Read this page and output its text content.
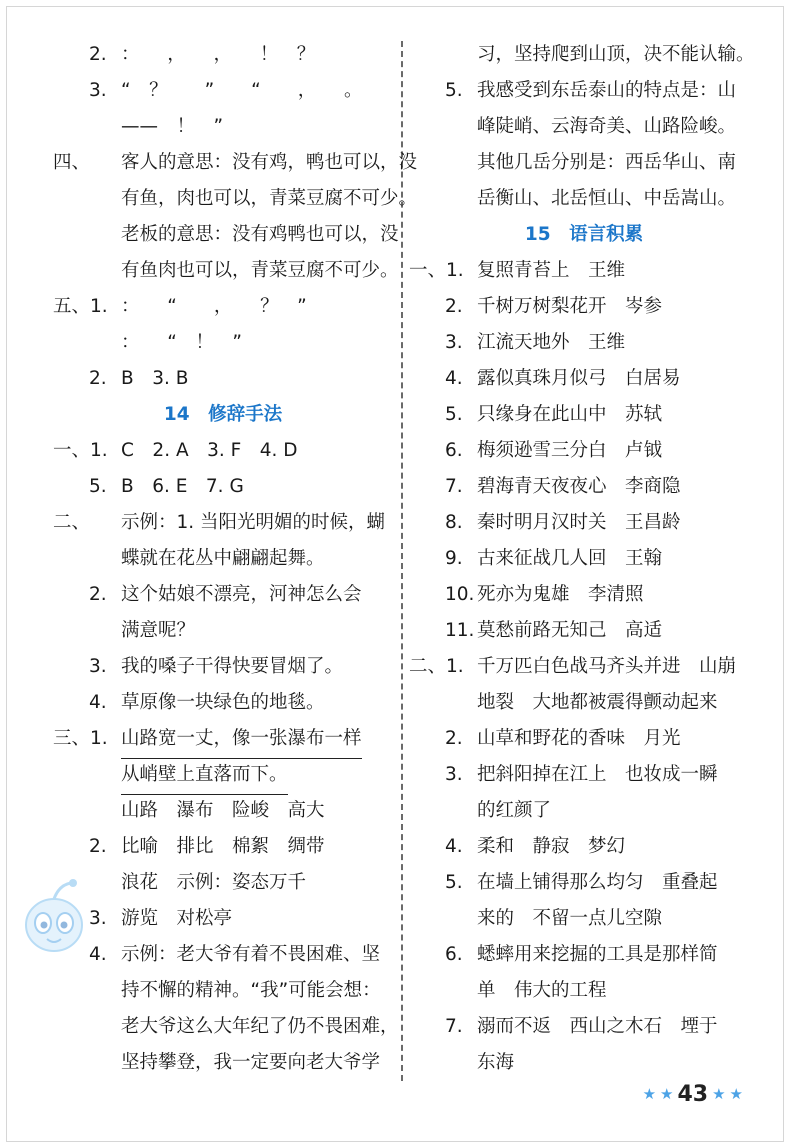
2. ：　　，　　，　　！　？
3. “　？　　”　　“　　，　　。
——　！　”
四、 客人的意思：没有鸡，鸭也可以，没
有鱼，肉也可以，青菜豆腐不可少。
老板的意思：没有鸡鸭也可以，没
有鱼肉也可以，青菜豆腐不可少。
五、1. ：　　“　　，　　？　”
：　　“　！　”
2. B　3. B
14　修辞手法
一、1. C　2. A　3. F　4. D
5. B　6. E　7. G
二、 示例：1. 当阳光明媚的时候，蝴
蝶就在花丛中翩翩起舞。
2. 这个姑娘不漂亮，河神怎么会
满意呢？
3. 我的嗓子干得快要冒烟了。
4. 草原像一块绿色的地毯。
三、1. 山路宽一丈，像一张瀑布一样
从峭壁上直落而下。
山路　瀑布　险峻　高大
2. 比喻　排比　棉絮　绸带
浪花　示例：姿态万千
3. 游览　对松亭
4. 示例：老大爷有着不畏困难、坚
持不懈的精神。“我”可能会想：
老大爷这么大年纪了仍不畏困难，
坚持攀登，我一定要向老大爷学
习，坚持爬到山顶，决不能认输。
5. 我感受到东岳泰山的特点是：山
峰陡峭、云海奇美、山路险峻。
其他几岳分别是：西岳华山、南
岳衡山、北岳恒山、中岳嵩山。
15　语言积累
一、1. 复照青苔上　王维
2. 千树万树梨花开　岑参
3. 江流天地外　王维
4. 露似真珠月似弓　白居易
5. 只缘身在此山中　苏轼
6. 梅须逊雪三分白　卢钺
7. 碧海青天夜夜心　李商隐
8. 秦时明月汉时关　王昌龄
9. 古来征战几人回　王翰
10. 死亦为鬼雄　李清照
11. 莫愁前路无知己　高适
二、1. 千万匹白色战马齐头并进　山崩
地裂　大地都被震得颤动起来
2. 山草和野花的香味　月光
3. 把斜阳掉在江上　也妆成一瞬
的红颜了
4. 柔和　静寂　梦幻
5. 在墙上铺得那么均匀　重叠起
来的　不留一点儿空隙
6. 蟋蟀用来挖掘的工具是那样简
单　伟大的工程
7. 溺而不返　西山之木石　堙于
东海
★ ★ 43 ★ ★
